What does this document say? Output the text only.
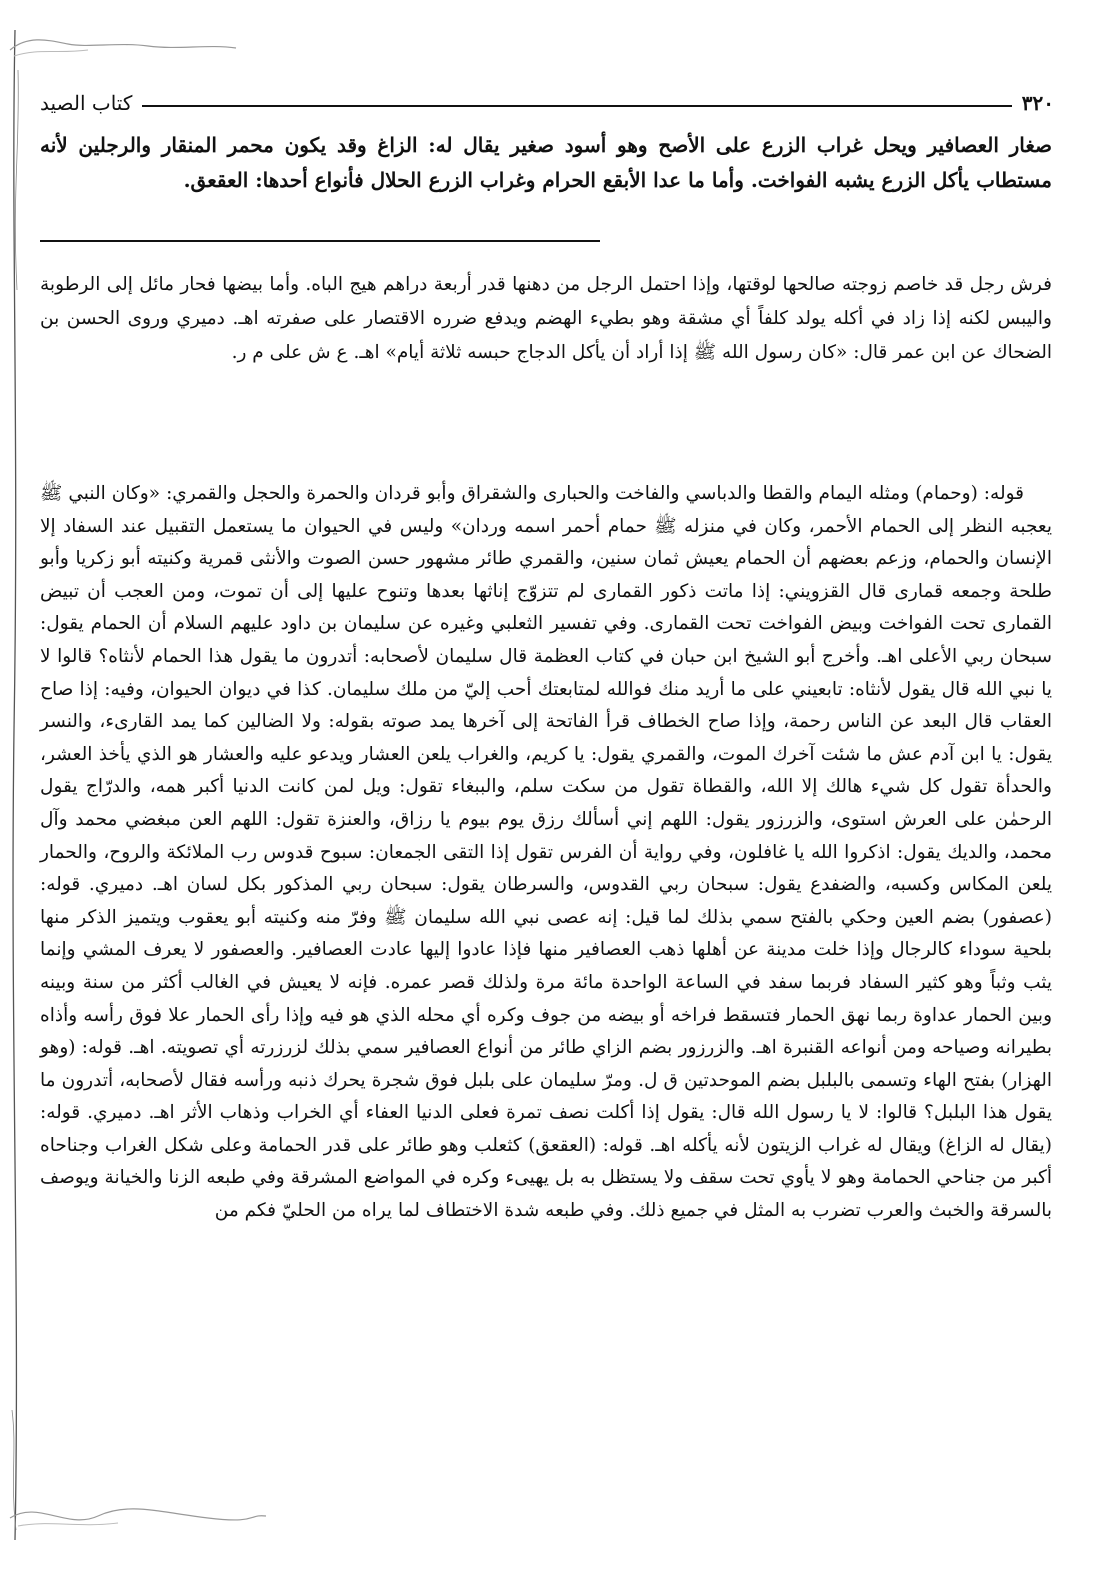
٣٢٠
كتاب الصيد

صغار العصافير ويحل غراب الزرع على الأصح وهو أسود صغير يقال له: الزاغ وقد يكون محمر المنقار والرجلين لأنه مستطاب يأكل الزرع يشبه الفواخت. وأما ما عدا الأبقع الحرام وغراب الزرع الحلال فأنواع أحدها: العقعق.

فرش رجل قد خاصم زوجته صالحها لوقتها، وإذا احتمل الرجل من دهنها قدر أربعة دراهم هيج الباه. وأما بيضها فحار مائل إلى الرطوبة واليبس لكنه إذا زاد في أكله يولد كلفاً أي مشقة وهو بطيء الهضم ويدفع ضرره الاقتصار على صفرته اهـ. دميري وروى الحسن بن الضحاك عن ابن عمر قال: «كان رسول الله ﷺ إذا أراد أن يأكل الدجاج حبسه ثلاثة أيام» اهـ. ع ش على م ر.

قوله: (وحمام) ومثله اليمام والقطا والدباسي والفاخت والحبارى والشقراق وأبو قردان والحمرة والحجل والقمري: «وكان النبي ﷺ يعجبه النظر إلى الحمام الأحمر، وكان في منزله ﷺ حمام أحمر اسمه وردان» وليس في الحيوان ما يستعمل التقبيل عند السفاد إلا الإنسان والحمام، وزعم بعضهم أن الحمام يعيش ثمان سنين، والقمري طائر مشهور حسن الصوت والأنثى قمرية وكنيته أبو زكريا وأبو طلحة وجمعه قمارى قال القزويني: إذا ماتت ذكور القمارى لم تتزوّج إناثها بعدها وتنوح عليها إلى أن تموت، ومن العجب أن تبيض القمارى تحت الفواخت وبيض الفواخت تحت القمارى. وفي تفسير الثعلبي وغيره عن سليمان بن داود عليهم السلام أن الحمام يقول: سبحان ربي الأعلى اهـ. وأخرج أبو الشيخ ابن حبان في كتاب العظمة قال سليمان لأصحابه: أتدرون ما يقول هذا الحمام لأنثاه؟ قالوا لا يا نبي الله قال يقول لأنثاه: تابعيني على ما أريد منك فوالله لمتابعتك أحب إليّ من ملك سليمان. كذا في ديوان الحيوان، وفيه: إذا صاح العقاب قال البعد عن الناس رحمة، وإذا صاح الخطاف قرأ الفاتحة إلى آخرها يمد صوته بقوله: ولا الضالين كما يمد القارىء، والنسر يقول: يا ابن آدم عش ما شئت آخرك الموت، والقمري يقول: يا كريم، والغراب يلعن العشار ويدعو عليه والعشار هو الذي يأخذ العشر، والحدأة تقول كل شيء هالك إلا الله، والقطاة تقول من سكت سلم، والببغاء تقول: ويل لمن كانت الدنيا أكبر همه، والدرّاج يقول الرحمٰن على العرش استوى، والزرزور يقول: اللهم إني أسألك رزق يوم بيوم يا رزاق، والعنزة تقول: اللهم العن مبغضي محمد وآل محمد، والديك يقول: اذكروا الله يا غافلون، وفي رواية أن الفرس تقول إذا التقى الجمعان: سبوح قدوس رب الملائكة والروح، والحمار يلعن المكاس وكسبه، والضفدع يقول: سبحان ربي القدوس، والسرطان يقول: سبحان ربي المذكور بكل لسان اهـ. دميري. قوله: (عصفور) بضم العين وحكي بالفتح سمي بذلك لما قيل: إنه عصى نبي الله سليمان ﷺ وفرّ منه وكنيته أبو يعقوب ويتميز الذكر منها بلحية سوداء كالرجال وإذا خلت مدينة عن أهلها ذهب العصافير منها فإذا عادوا إليها عادت العصافير. والعصفور لا يعرف المشي وإنما يثب وثباً وهو كثير السفاد فربما سفد في الساعة الواحدة مائة مرة ولذلك قصر عمره. فإنه لا يعيش في الغالب أكثر من سنة وبينه وبين الحمار عداوة ربما نهق الحمار فتسقط فراخه أو بيضه من جوف وكره أي محله الذي هو فيه وإذا رأى الحمار علا فوق رأسه وأذاه بطيرانه وصياحه ومن أنواعه القنبرة اهـ. والزرزور بضم الزاي طائر من أنواع العصافير سمي بذلك لزرزرته أي تصويته. اهـ. قوله: (وهو الهزار) بفتح الهاء وتسمى بالبلبل بضم الموحدتين ق ل. ومرّ سليمان على بلبل فوق شجرة يحرك ذنبه ورأسه فقال لأصحابه، أتدرون ما يقول هذا البلبل؟ قالوا: لا يا رسول الله قال: يقول إذا أكلت نصف تمرة فعلى الدنيا العفاء أي الخراب وذهاب الأثر اهـ. دميري. قوله: (يقال له الزاغ) ويقال له غراب الزيتون لأنه يأكله اهـ. قوله: (العقعق) كثعلب وهو طائر على قدر الحمامة وعلى شكل الغراب وجناحاه أكبر من جناحي الحمامة وهو لا يأوي تحت سقف ولا يستظل به بل يهيىء وكره في المواضع المشرقة وفي طبعه الزنا والخيانة ويوصف بالسرقة والخبث والعرب تضرب به المثل في جميع ذلك. وفي طبعه شدة الاختطاف لما يراه من الحليّ فكم من
